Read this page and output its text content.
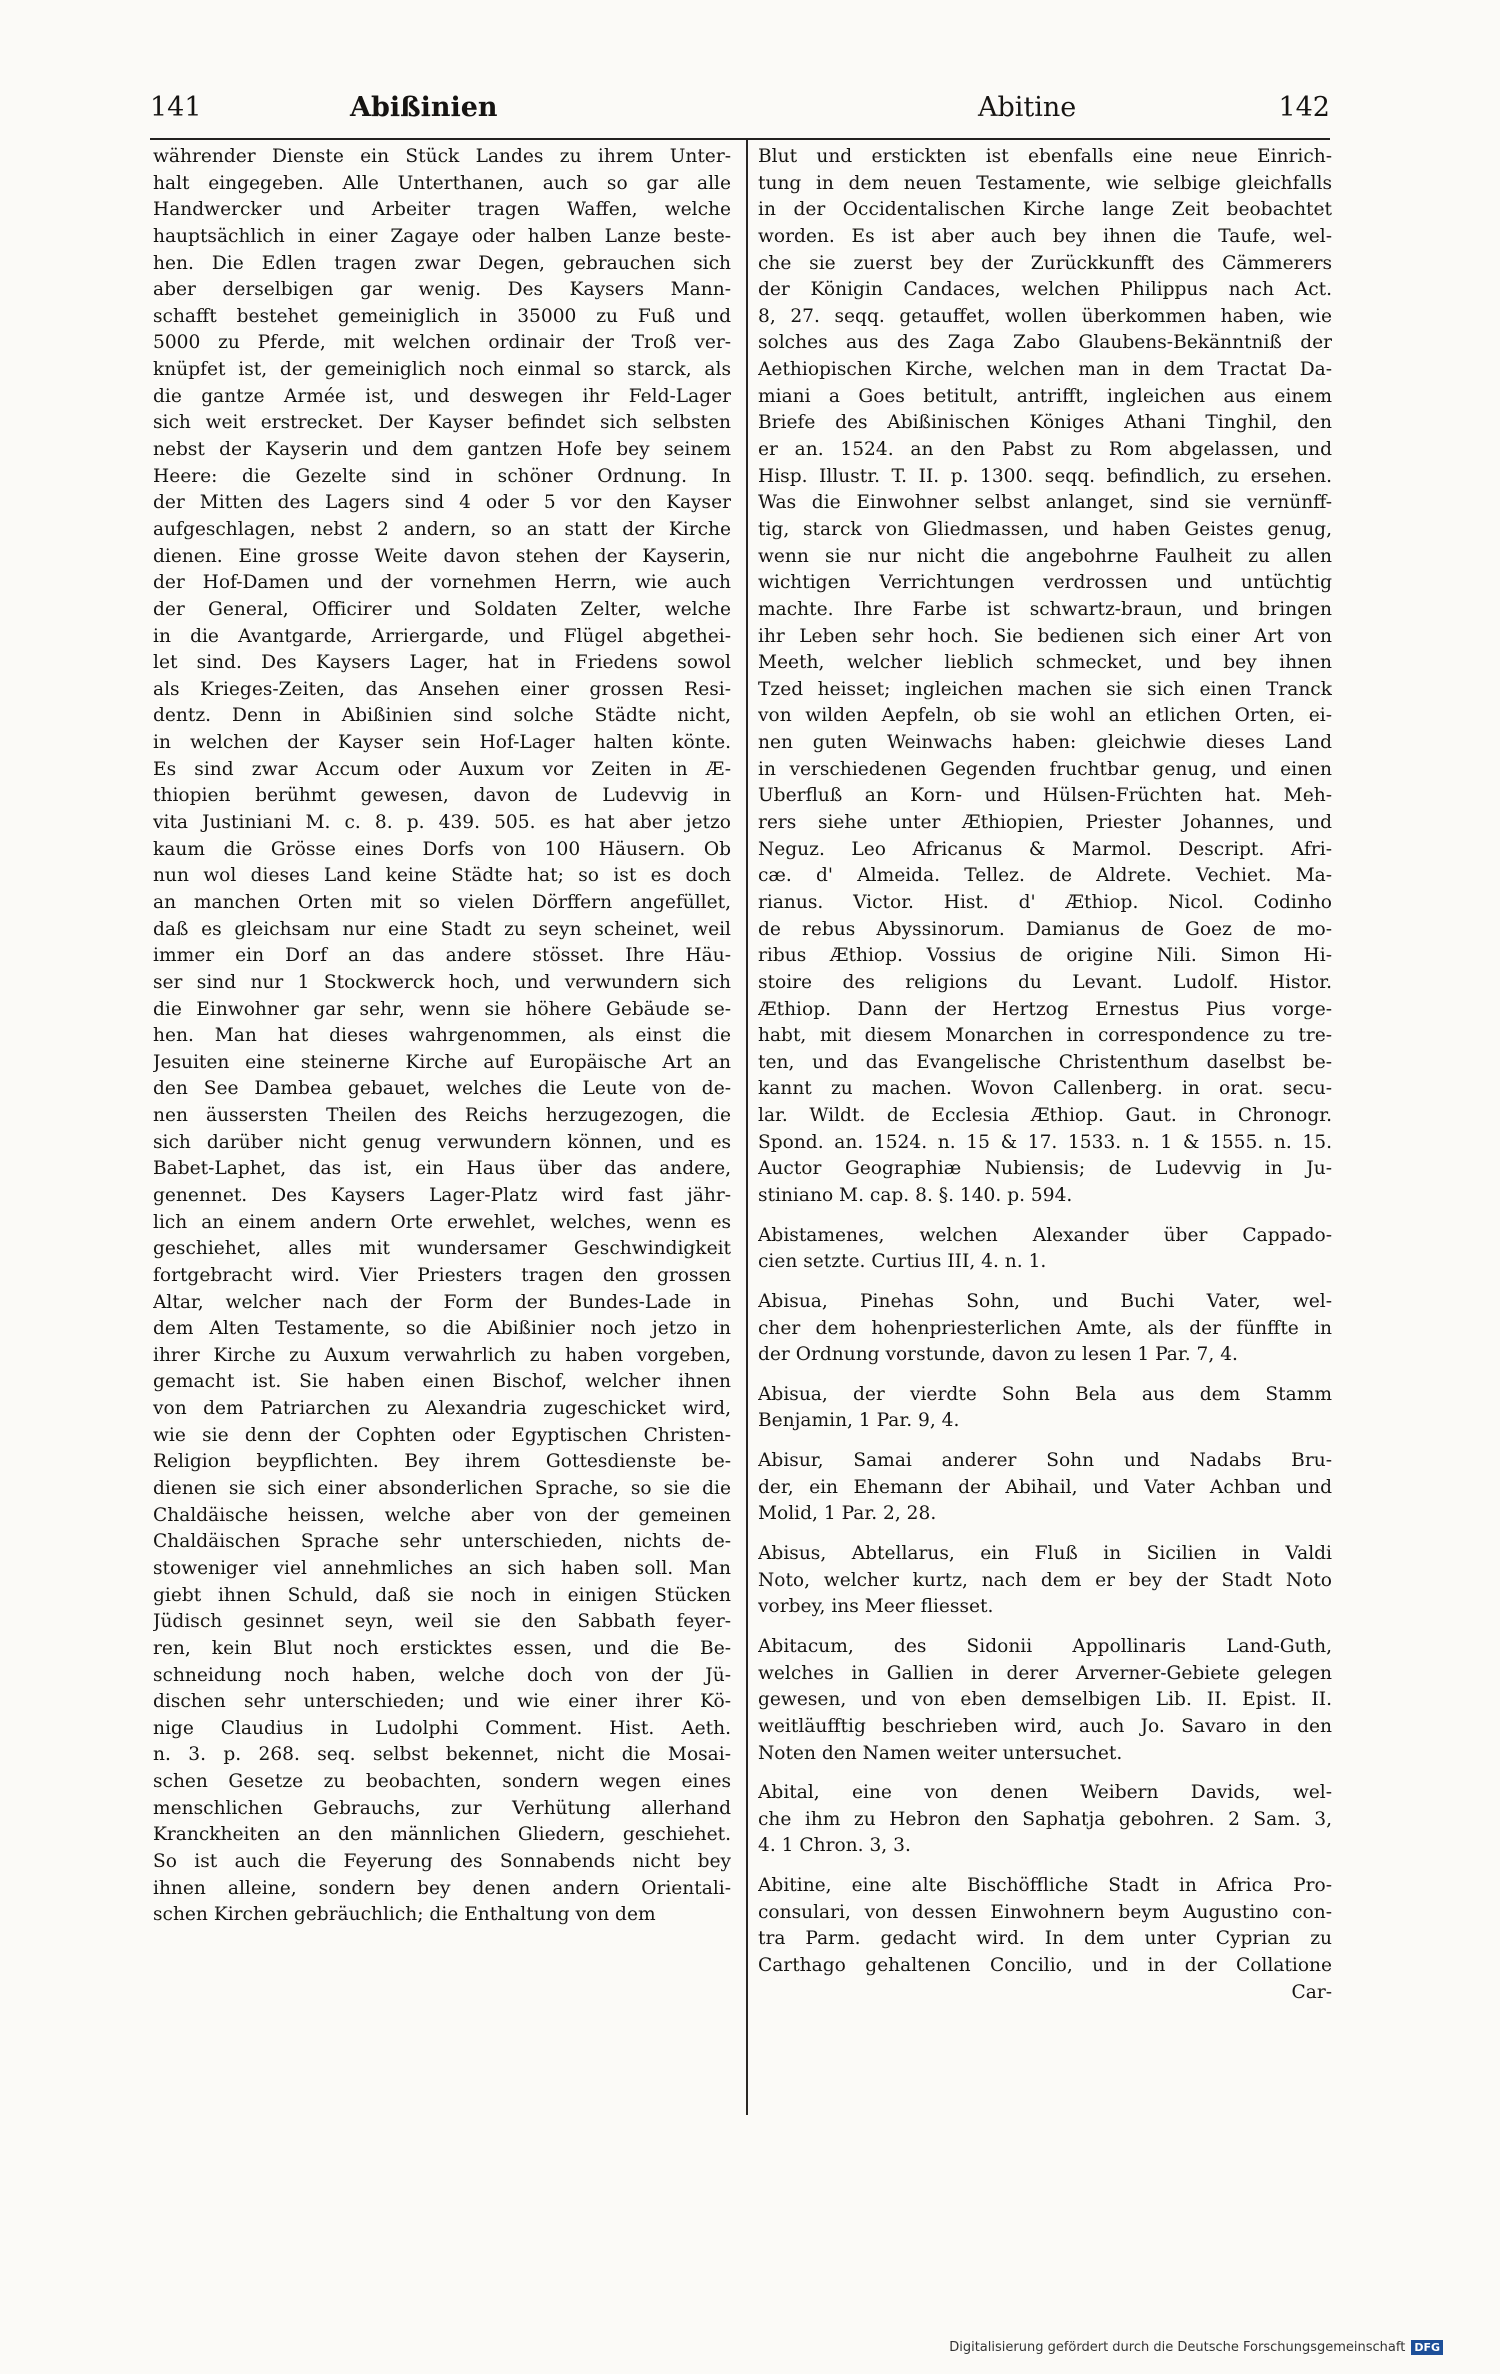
141	Abißinien	Abitine	142
währender Dienste ein Stück Landes zu ihrem Unter-
halt eingegeben. Alle Unterthanen, auch so gar alle
Handwercker und Arbeiter tragen Waffen, welche
hauptsächlich in einer Zagaye oder halben Lanze beste-
hen. Die Edlen tragen zwar Degen, gebrauchen sich
aber derselbigen gar wenig. Des Kaysers Mann-
schafft bestehet gemeiniglich in 35000 zu Fuß und
5000 zu Pferde, mit welchen ordinair der Troß ver-
knüpfet ist, der gemeiniglich noch einmal so starck, als
die gantze Armée ist, und deswegen ihr Feld-Lager
sich weit erstrecket. Der Kayser befindet sich selbsten
nebst der Kayserin und dem gantzen Hofe bey seinem
Heere: die Gezelte sind in schöner Ordnung. In
der Mitten des Lagers sind 4 oder 5 vor den Kayser
aufgeschlagen, nebst 2 andern, so an statt der Kirche
dienen. Eine grosse Weite davon stehen der Kayserin,
der Hof-Damen und der vornehmen Herrn, wie auch
der General, Officirer und Soldaten Zelter, welche
in die Avantgarde, Arriergarde, und Flügel abgethei-
let sind. Des Kaysers Lager, hat in Friedens sowol
als Krieges-Zeiten, das Ansehen einer grossen Resi-
dentz. Denn in Abißinien sind solche Städte nicht,
in welchen der Kayser sein Hof-Lager halten könte.
Es sind zwar Accum oder Auxum vor Zeiten in Æ-
thiopien berühmt gewesen, davon de Ludevvig in
vita Justiniani M. c. 8. p. 439. 505. es hat aber jetzo
kaum die Grösse eines Dorfs von 100 Häusern. Ob
nun wol dieses Land keine Städte hat; so ist es doch
an manchen Orten mit so vielen Dörffern angefüllet,
daß es gleichsam nur eine Stadt zu seyn scheinet, weil
immer ein Dorf an das andere stösset. Ihre Häu-
ser sind nur 1 Stockwerck hoch, und verwundern sich
die Einwohner gar sehr, wenn sie höhere Gebäude se-
hen. Man hat dieses wahrgenommen, als einst die
Jesuiten eine steinerne Kirche auf Europäische Art an
den See Dambea gebauet, welches die Leute von de-
nen äussersten Theilen des Reichs herzugezogen, die
sich darüber nicht genug verwundern können, und es
Babet-Laphet, das ist, ein Haus über das andere,
genennet. Des Kaysers Lager-Platz wird fast jähr-
lich an einem andern Orte erwehlet, welches, wenn es
geschiehet, alles mit wundersamer Geschwindigkeit
fortgebracht wird. Vier Priesters tragen den grossen
Altar, welcher nach der Form der Bundes-Lade in
dem Alten Testamente, so die Abißinier noch jetzo in
ihrer Kirche zu Auxum verwahrlich zu haben vorgeben,
gemacht ist. Sie haben einen Bischof, welcher ihnen
von dem Patriarchen zu Alexandria zugeschicket wird,
wie sie denn der Cophten oder Egyptischen Christen-
Religion beypflichten. Bey ihrem Gottesdienste be-
dienen sie sich einer absonderlichen Sprache, so sie die
Chaldäische heissen, welche aber von der gemeinen
Chaldäischen Sprache sehr unterschieden, nichts de-
stoweniger viel annehmliches an sich haben soll. Man
giebt ihnen Schuld, daß sie noch in einigen Stücken
Jüdisch gesinnet seyn, weil sie den Sabbath feyer-
ren, kein Blut noch ersticktes essen, und die Be-
schneidung noch haben, welche doch von der Jü-
dischen sehr unterschieden; und wie einer ihrer Kö-
nige Claudius in Ludolphi Comment. Hist. Aeth.
n. 3. p. 268. seq. selbst bekennet, nicht die Mosai-
schen Gesetze zu beobachten, sondern wegen eines
menschlichen Gebrauchs, zur Verhütung allerhand
Kranckheiten an den männlichen Gliedern, geschiehet.
So ist auch die Feyerung des Sonnabends nicht bey
ihnen alleine, sondern bey denen andern Orientali-
schen Kirchen gebräuchlich; die Enthaltung von dem
Blut und erstickten ist ebenfalls eine neue Einrich-
tung in dem neuen Testamente, wie selbige gleichfalls
in der Occidentalischen Kirche lange Zeit beobachtet
worden. Es ist aber auch bey ihnen die Taufe, wel-
che sie zuerst bey der Zurückkunfft des Cämmerers
der Königin Candaces, welchen Philippus nach Act.
8, 27. seqq. getauffet, wollen überkommen haben, wie
solches aus des Zaga Zabo Glaubens-Bekänntniß der
Aethiopischen Kirche, welchen man in dem Tractat Da-
miani a Goes betitult, antrifft, ingleichen aus einem
Briefe des Abißinischen Königes Athani Tinghil, den
er an. 1524. an den Pabst zu Rom abgelassen, und
Hisp. Illustr. T. II. p. 1300. seqq. befindlich, zu ersehen.
Was die Einwohner selbst anlanget, sind sie vernünff-
tig, starck von Gliedmassen, und haben Geistes genug,
wenn sie nur nicht die angebohrne Faulheit zu allen
wichtigen Verrichtungen verdrossen und untüchtig
machte. Ihre Farbe ist schwartz-braun, und bringen
ihr Leben sehr hoch. Sie bedienen sich einer Art von
Meeth, welcher lieblich schmecket, und bey ihnen
Tzed heisset; ingleichen machen sie sich einen Tranck
von wilden Aepfeln, ob sie wohl an etlichen Orten, ei-
nen guten Weinwachs haben: gleichwie dieses Land
in verschiedenen Gegenden fruchtbar genug, und einen
Uberfluß an Korn- und Hülsen-Früchten hat. Meh-
rers siehe unter Æthiopien, Priester Johannes, und
Neguz. Leo Africanus & Marmol. Descript. Afri-
cæ. d' Almeida. Tellez. de Aldrete. Vechiet. Ma-
rianus. Victor. Hist. d' Æthiop. Nicol. Codinho
de rebus Abyssinorum. Damianus de Goez de mo-
ribus Æthiop. Vossius de origine Nili. Simon Hi-
stoire des religions du Levant. Ludolf. Histor.
Æthiop. Dann der Hertzog Ernestus Pius vorge-
habt, mit diesem Monarchen in correspondence zu tre-
ten, und das Evangelische Christenthum daselbst be-
kannt zu machen. Wovon Callenberg. in orat. secu-
lar. Wildt. de Ecclesia Æthiop. Gaut. in Chronogr.
Spond. an. 1524. n. 15 & 17. 1533. n. 1 & 1555. n. 15.
Auctor Geographiæ Nubiensis; de Ludevvig in Ju-
stiniano M. cap. 8. §. 140. p. 594.
Abistamenes, welchen Alexander über Cappado-
cien setzte. Curtius III, 4. n. 1.
Abisua, Pinehas Sohn, und Buchi Vater, wel-
cher dem hohenpriesterlichen Amte, als der fünffte in
der Ordnung vorstunde, davon zu lesen 1 Par. 7, 4.
Abisua, der vierdte Sohn Bela aus dem Stamm
Benjamin, 1 Par. 9, 4.
Abisur, Samai anderer Sohn und Nadabs Bru-
der, ein Ehemann der Abihail, und Vater Achban und
Molid, 1 Par. 2, 28.
Abisus, Abtellarus, ein Fluß in Sicilien in Valdi
Noto, welcher kurtz, nach dem er bey der Stadt Noto
vorbey, ins Meer fliesset.
Abitacum, des Sidonii Appollinaris Land-Guth,
welches in Gallien in derer Arverner-Gebiete gelegen
gewesen, und von eben demselbigen Lib. II. Epist. II.
weitläufftig beschrieben wird, auch Jo. Savaro in den
Noten den Namen weiter untersuchet.
Abital, eine von denen Weibern Davids, wel-
che ihm zu Hebron den Saphatja gebohren. 2 Sam. 3,
4. 1 Chron. 3, 3.
Abitine, eine alte Bischöffliche Stadt in Africa Pro-
consulari, von dessen Einwohnern beym Augustino con-
tra Parm. gedacht wird. In dem unter Cyprian zu
Carthago gehaltenen Concilio, und in der Collatione
Car-
Digitalisierung gefördert durch die Deutsche Forschungsgemeinschaft DFG
